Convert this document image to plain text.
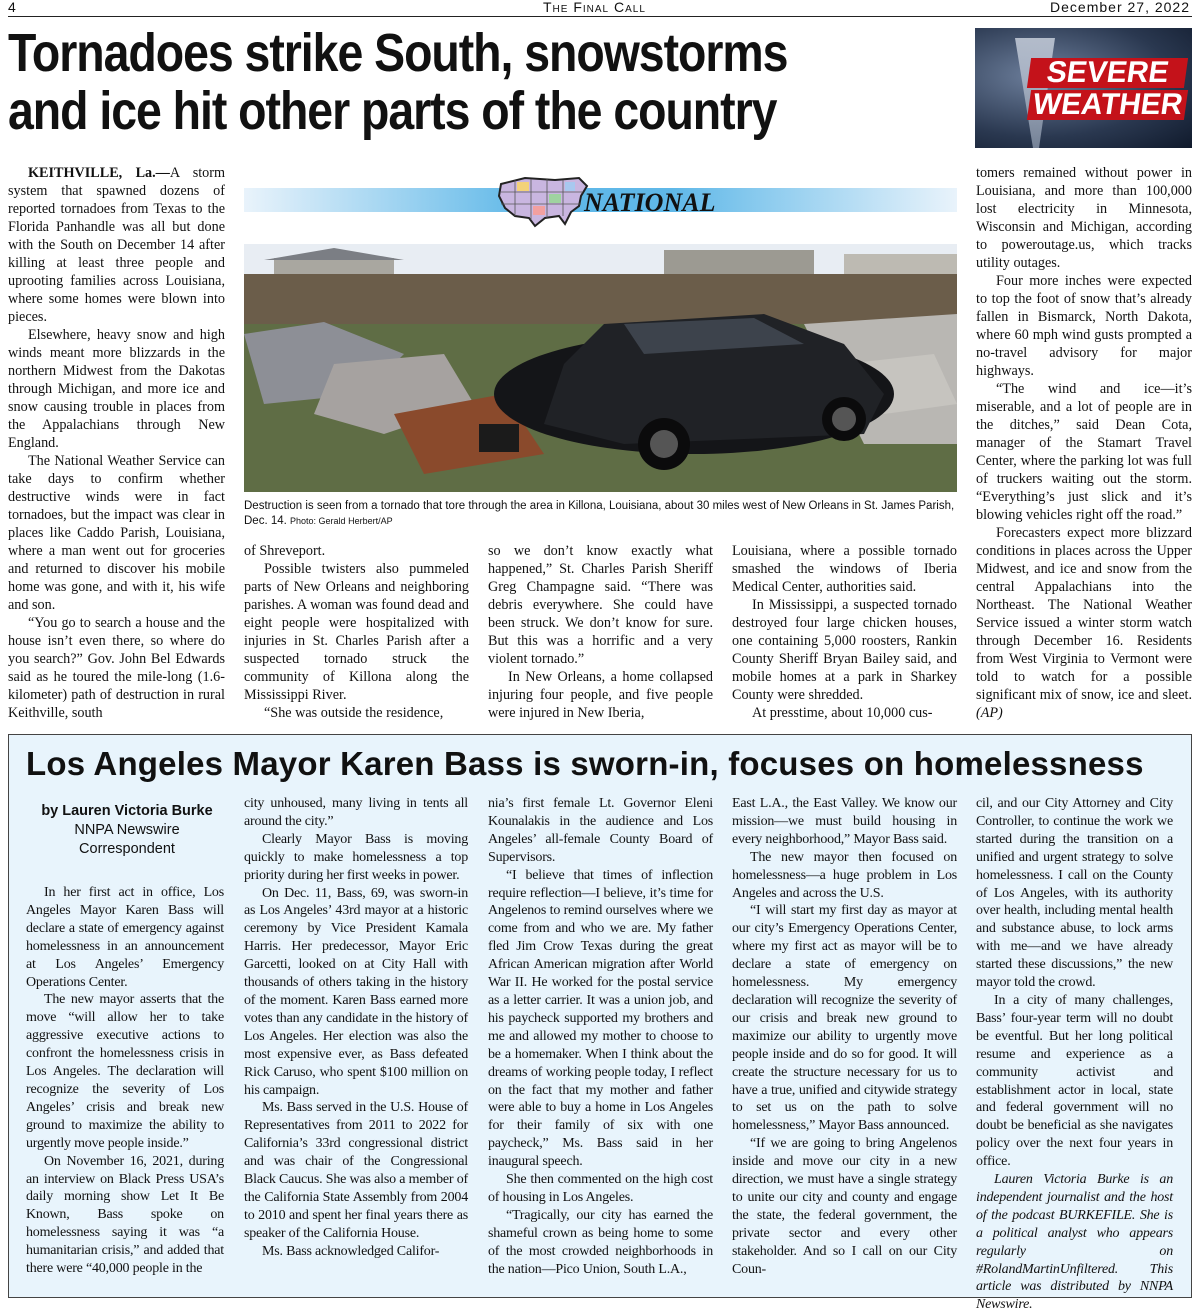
4	The Final Call	December 27, 2022
Tornadoes strike South, snowstorms
and ice hit other parts of the country
SEVERE
WEATHER
NATIONAL
Destruction is seen from a tornado that tore through the area in Killona, Louisiana, about 30 miles west of New Orleans in St. James Parish, Dec. 14. Photo: Gerald Herbert/AP

KEITHVILLE, La.—A storm system that spawned dozens of reported tornadoes from Texas to the Florida Panhandle was all but done with the South on December 14 after killing at least three people and uprooting families across Louisiana, where some homes were blown into pieces.

Elsewhere, heavy snow and high winds meant more blizzards in the northern Midwest from the Dakotas through Michigan, and more ice and snow causing trouble in places from the Appalachians through New England.

The National Weather Service can take days to confirm whether destructive winds were in fact tornadoes, but the impact was clear in places like Caddo Parish, Louisiana, where a man went out for groceries and returned to discover his mobile home was gone, and with it, his wife and son.

“You go to search a house and the house isn’t even there, so where do you search?” Gov. John Bel Edwards said as he toured the mile-long (1.6-kilometer) path of destruction in rural Keithville, south

of Shreveport.

Possible twisters also pummeled parts of New Orleans and neighboring parishes. A woman was found dead and eight people were hospitalized with injuries in St. Charles Parish after a suspected tornado struck the community of Killona along the Mississippi River.

“She was outside the residence,

so we don’t know exactly what happened,” St. Charles Parish Sheriff Greg Champagne said. “There was debris everywhere. She could have been struck. We don’t know for sure. But this was a horrific and a very violent tornado.”

In New Orleans, a home collapsed injuring four people, and five people were injured in New Iberia,

Louisiana, where a possible tornado smashed the windows of Iberia Medical Center, authorities said.

In Mississippi, a suspected tornado destroyed four large chicken houses, one containing 5,000 roosters, Rankin County Sheriff Bryan Bailey said, and mobile homes at a park in Sharkey County were shredded.

At presstime, about 10,000 cus-

tomers remained without power in Louisiana, and more than 100,000 lost electricity in Minnesota, Wisconsin and Michigan, according to poweroutage.us, which tracks utility outages.

Four more inches were expected to top the foot of snow that’s already fallen in Bismarck, North Dakota, where 60 mph wind gusts prompted a no-travel advisory for major highways.

“The wind and ice—it’s miserable, and a lot of people are in the ditches,” said Dean Cota, manager of the Stamart Travel Center, where the parking lot was full of truckers waiting out the storm. “Everything’s just slick and it’s blowing vehicles right off the road.”

Forecasters expect more blizzard conditions in places across the Upper Midwest, and ice and snow from the central Appalachians into the Northeast. The National Weather Service issued a winter storm watch through December 16. Residents from West Virginia to Vermont were told to watch for a possible significant mix of snow, ice and sleet. (AP)

Los Angeles Mayor Karen Bass is sworn-in, focuses on homelessness
by Lauren Victoria Burke
NNPA Newswire
Correspondent

In her first act in office, Los Angeles Mayor Karen Bass will declare a state of emergency against homelessness in an announcement at Los Angeles’ Emergency Operations Center.

The new mayor asserts that the move “will allow her to take aggressive executive actions to confront the homelessness crisis in Los Angeles. The declaration will recognize the severity of Los Angeles’ crisis and break new ground to maximize the ability to urgently move people inside.”

On November 16, 2021, during an interview on Black Press USA’s daily morning show Let It Be Known, Bass spoke on homelessness saying it was “a humanitarian crisis,” and added that there were “40,000 people in the

city unhoused, many living in tents all around the city.”

Clearly Mayor Bass is moving quickly to make homelessness a top priority during her first weeks in power.

On Dec. 11, Bass, 69, was sworn-in as Los Angeles’ 43rd mayor at a historic ceremony by Vice President Kamala Harris. Her predecessor, Mayor Eric Garcetti, looked on at City Hall with thousands of others taking in the history of the moment. Karen Bass earned more votes than any candidate in the history of Los Angeles. Her election was also the most expensive ever, as Bass defeated Rick Caruso, who spent $100 million on his campaign.

Ms. Bass served in the U.S. House of Representatives from 2011 to 2022 for California’s 33rd congressional district and was chair of the Congressional Black Caucus. She was also a member of the California State Assembly from 2004 to 2010 and spent her final years there as speaker of the California House.

Ms. Bass acknowledged Califor-

nia’s first female Lt. Governor Eleni Kounalakis in the audience and Los Angeles’ all-female County Board of Supervisors.

“I believe that times of inflection require reflection—I believe, it’s time for Angelenos to remind ourselves where we come from and who we are. My father fled Jim Crow Texas during the great African American migration after World War II. He worked for the postal service as a letter carrier. It was a union job, and his paycheck supported my brothers and me and allowed my mother to choose to be a homemaker. When I think about the dreams of working people today, I reflect on the fact that my mother and father were able to buy a home in Los Angeles for their family of six with one paycheck,” Ms. Bass said in her inaugural speech.

She then commented on the high cost of housing in Los Angeles.

“Tragically, our city has earned the shameful crown as being home to some of the most crowded neighborhoods in the nation—Pico Union, South L.A.,

East L.A., the East Valley. We know our mission—we must build housing in every neighborhood,” Mayor Bass said.

The new mayor then focused on homelessness—a huge problem in Los Angeles and across the U.S.

“I will start my first day as mayor at our city’s Emergency Operations Center, where my first act as mayor will be to declare a state of emergency on homelessness. My emergency declaration will recognize the severity of our crisis and break new ground to maximize our ability to urgently move people inside and do so for good. It will create the structure necessary for us to have a true, unified and citywide strategy to set us on the path to solve homelessness,” Mayor Bass announced.

“If we are going to bring Angelenos inside and move our city in a new direction, we must have a single strategy to unite our city and county and engage the state, the federal government, the private sector and every other stakeholder. And so I call on our City Coun-

cil, and our City Attorney and City Controller, to continue the work we started during the transition on a unified and urgent strategy to solve homelessness. I call on the County of Los Angeles, with its authority over health, including mental health and substance abuse, to lock arms with me—and we have already started these discussions,” the new mayor told the crowd.

In a city of many challenges, Bass’ four-year term will no doubt be eventful. But her long political resume and experience as a community activist and establishment actor in local, state and federal government will no doubt be beneficial as she navigates policy over the next four years in office.

Lauren Victoria Burke is an independent journalist and the host of the podcast BURKEFILE. She is a political analyst who appears regularly on #RolandMartinUnfiltered. This article was distributed by NNPA Newswire.
